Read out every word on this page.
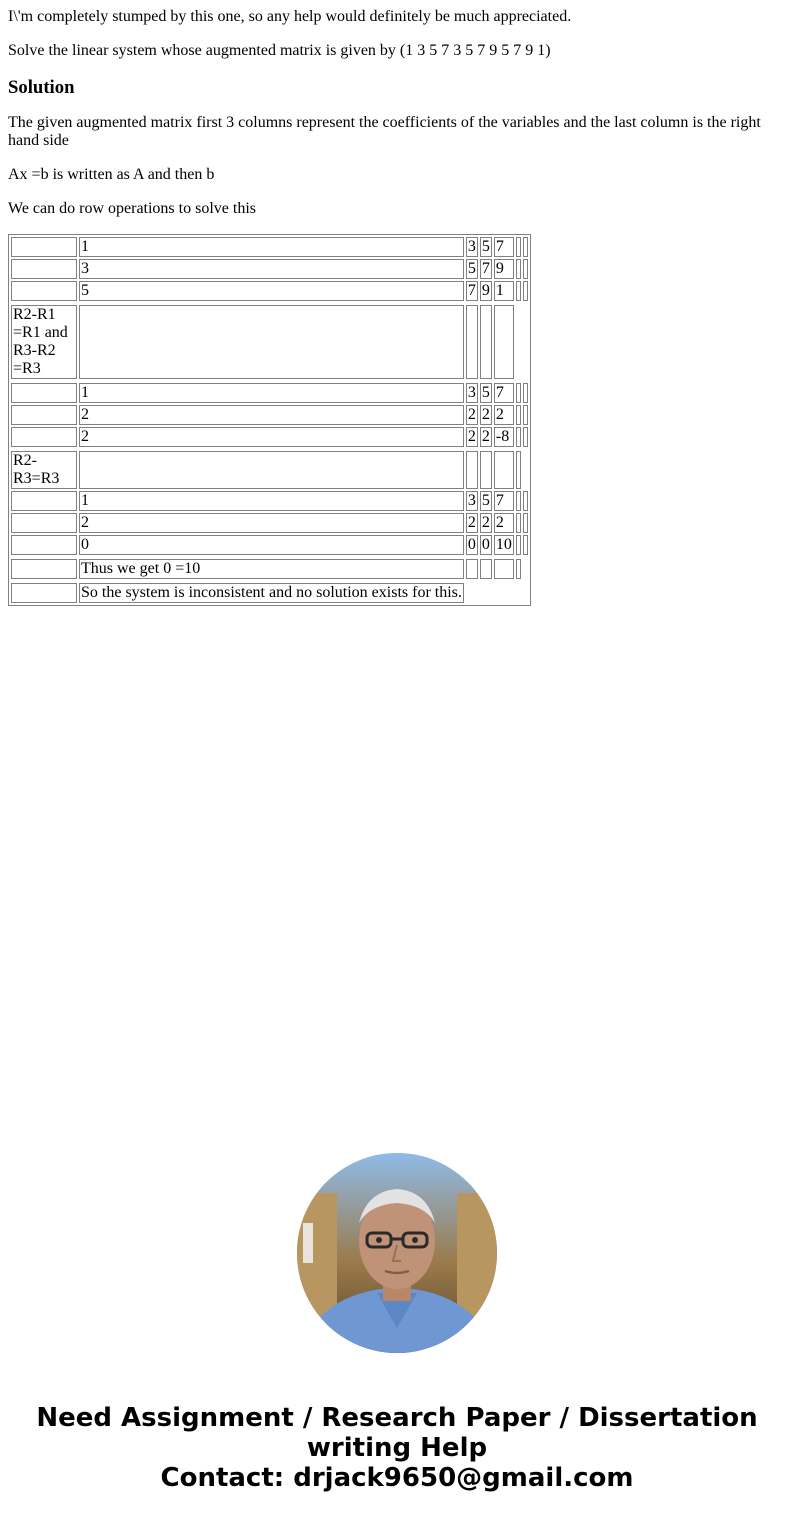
I\'m completely stumped by this one, so any help would definitely be much appreciated.

Solve the linear system whose augmented matrix is given by (1 3 5 7 3 5 7 9 5 7 9 1)

Solution

The given augmented matrix first 3 columns represent the coefficients of the variables and the last column is the right hand side

Ax =b is written as A and then b

We can do row operations to solve this

	1	3	5	7		
	3	5	7	9		
	5	7	9	1		

R2-R1 =R1 and R3-R2 =R3						

	1	3	5	7		
	2	2	2	2		
	2	2	2	-8		

R2-R3=R3						
	1	3	5	7		
	2	2	2	2		
	0	0	0	10		

	Thus we get 0 =10					

	So the system is inconsistent and no solution exists for this.					
Need Assignment / Research Paper / Dissertation
writing Help
Contact: drjack9650@gmail.com
